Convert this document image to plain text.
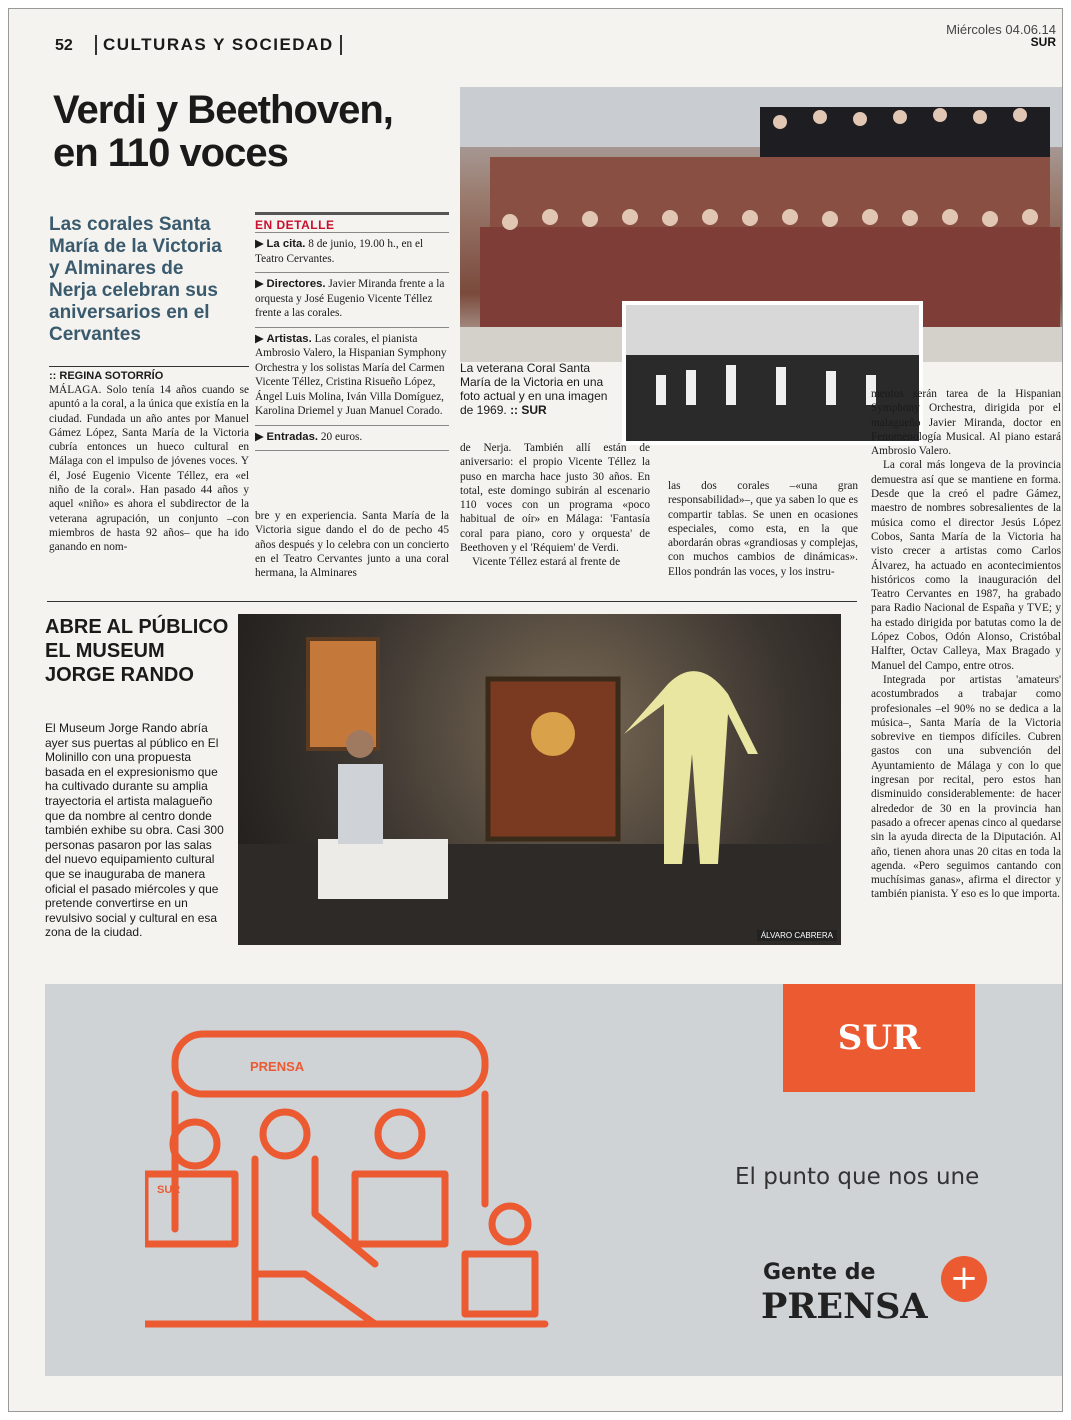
52	CULTURAS Y SOCIEDAD
Miércoles 04.06.14
SUR
Verdi y Beethoven,
en 110 voces
Las corales Santa María de la Victoria y Alminares de Nerja celebran sus aniversarios en el Cervantes
:: REGINA SOTORRÍO
MÁLAGA. Solo tenía 14 años cuando se apuntó a la coral, a la única que existía en la ciudad. Fundada un año antes por Manuel Gámez López, Santa María de la Victoria cubría entonces un hueco cultural en Málaga con el impulso de jóvenes voces. Y él, José Eugenio Vicente Téllez, era «el niño de la coral». Han pasado 44 años y aquel «niño» es ahora el subdirector de la veterana agrupación, un conjunto –con miembros de hasta 92 años– que ha ido ganando en nom-
EN DETALLE
▶ La cita. 8 de junio, 19.00 h., en el Teatro Cervantes.
▶ Directores. Javier Miranda frente a la orquesta y José Eugenio Vicente Téllez frente a las corales.
▶ Artistas. Las corales, el pianista Ambrosio Valero, la Hispanian Symphony Orchestra y los solistas María del Carmen Vicente Téllez, Cristina Risueño López, Ángel Luis Molina, Iván Villa Domíguez, Karolina Driemel y Juan Manuel Corado.
▶ Entradas. 20 euros.
bre y en experiencia. Santa María de la Victoria sigue dando el do de pecho 45 años después y lo celebra con un concierto en el Teatro Cervantes junto a una coral hermana, la Alminares
La veterana Coral Santa María de la Victoria en una foto actual y en una imagen de 1969. :: SUR

de Nerja. También allí están de aniversario: el propio Vicente Téllez la puso en marcha hace justo 30 años. En total, este domingo subirán al escenario 110 voces con un programa «poco habitual de oír» en Málaga: 'Fantasía coral para piano, coro y orquesta' de Beethoven y el 'Réquiem' de Verdi.

Vicente Téllez estará al frente de

las dos corales –«una gran responsabilidad»–, que ya saben lo que es compartir tablas. Se unen en ocasiones especiales, como esta, en la que abordarán obras «grandiosas y complejas, con muchos cambios de dinámicas». Ellos pondrán las voces, y los instru-

mentos serán tarea de la Hispanian Symphony Orchestra, dirigida por el malagueño Javier Miranda, doctor en Fenomenología Musical. Al piano estará Ambrosio Valero.

La coral más longeva de la provincia demuestra así que se mantiene en forma. Desde que la creó el padre Gámez, maestro de nombres sobresalientes de la música como el director Jesús López Cobos, Santa María de la Victoria ha visto crecer a artistas como Carlos Álvarez, ha actuado en acontecimientos históricos como la inauguración del Teatro Cervantes en 1987, ha grabado para Radio Nacional de España y TVE; y ha estado dirigida por batutas como la de López Cobos, Odón Alonso, Cristóbal Halfter, Octav Calleya, Max Bragado y Manuel del Campo, entre otros.

Integrada por artistas 'amateurs' acostumbrados a trabajar como profesionales –el 90% no se dedica a la música–, Santa María de la Victoria sobrevive en tiempos difíciles. Cubren gastos con una subvención del Ayuntamiento de Málaga y con lo que ingresan por recital, pero estos han disminuido considerablemente: de hacer alrededor de 30 en la provincia han pasado a ofrecer apenas cinco al quedarse sin la ayuda directa de la Diputación. Al año, tienen ahora unas 20 citas en toda la agenda. «Pero seguimos cantando con muchísimas ganas», afirma el director y también pianista. Y eso es lo que importa.

ABRE AL PÚBLICO EL MUSEUM JORGE RANDO
El Museum Jorge Rando abría ayer sus puertas al público en El Molinillo con una propuesta basada en el expresionismo que ha cultivado durante su amplia trayectoria el artista malagueño que da nombre al centro donde también exhibe su obra. Casi 300 personas pasaron por las salas del nuevo equipamiento cultural que se inauguraba de manera oficial el pasado miércoles y que pretende convertirse en un revulsivo social y cultural en esa zona de la ciudad.	ÁLVARO CABRERA
SUR
PRENSA
SUR	El punto que nos une
Gente de
PRENSA
+
